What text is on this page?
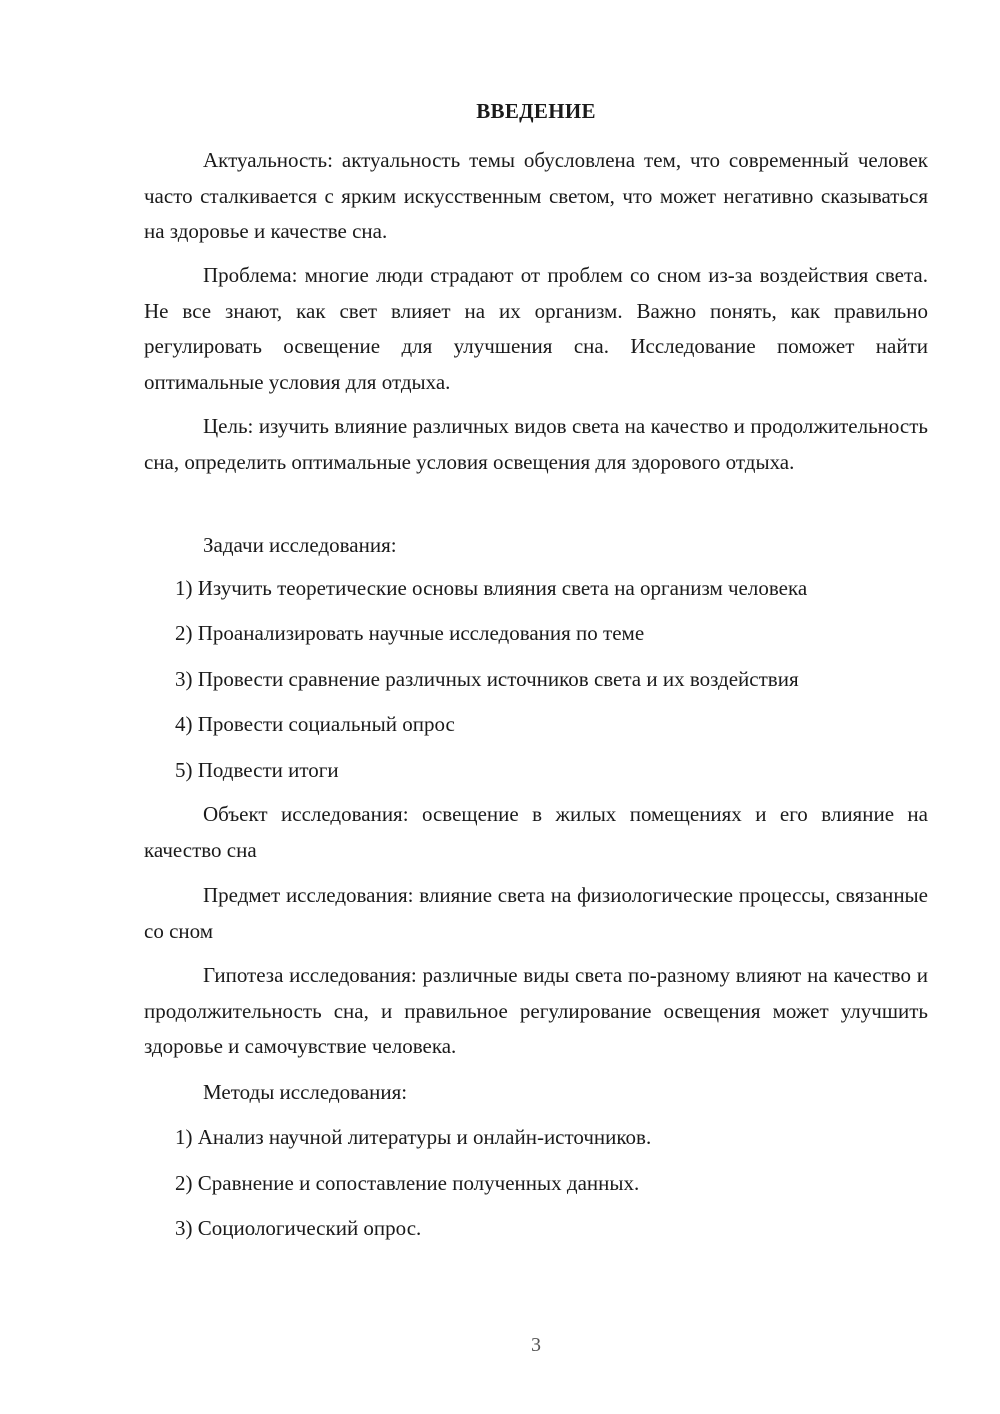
ВВЕДЕНИЕ

Актуальность: актуальность темы обусловлена тем, что современный человек часто сталкивается с ярким искусственным светом, что может негативно сказываться на здоровье и качестве сна.

Проблема: многие люди страдают от проблем со сном из-за воздействия света. Не все знают, как свет влияет на их организм. Важно понять, как правильно регулировать освещение для улучшения сна. Исследование поможет найти оптимальные условия для отдыха.

Цель: изучить влияние различных видов света на качество и продолжительность сна, определить оптимальные условия освещения для здорового отдыха.

Задачи исследования:

1) Изучить теоретические основы влияния света на организм человека

2) Проанализировать научные исследования по теме

3) Провести сравнение различных источников света и их воздействия

4) Провести социальный опрос

5) Подвести итоги

Объект исследования: освещение в жилых помещениях и его влияние на качество сна

Предмет исследования: влияние света на физиологические процессы, связанные со сном

Гипотеза исследования: различные виды света по-разному влияют на качество и продолжительность сна, и правильное регулирование освещения может улучшить здоровье и самочувствие человека.

Методы исследования:

1) Анализ научной литературы и онлайн-источников.

2) Сравнение и сопоставление полученных данных.

3) Социологический опрос.

3
